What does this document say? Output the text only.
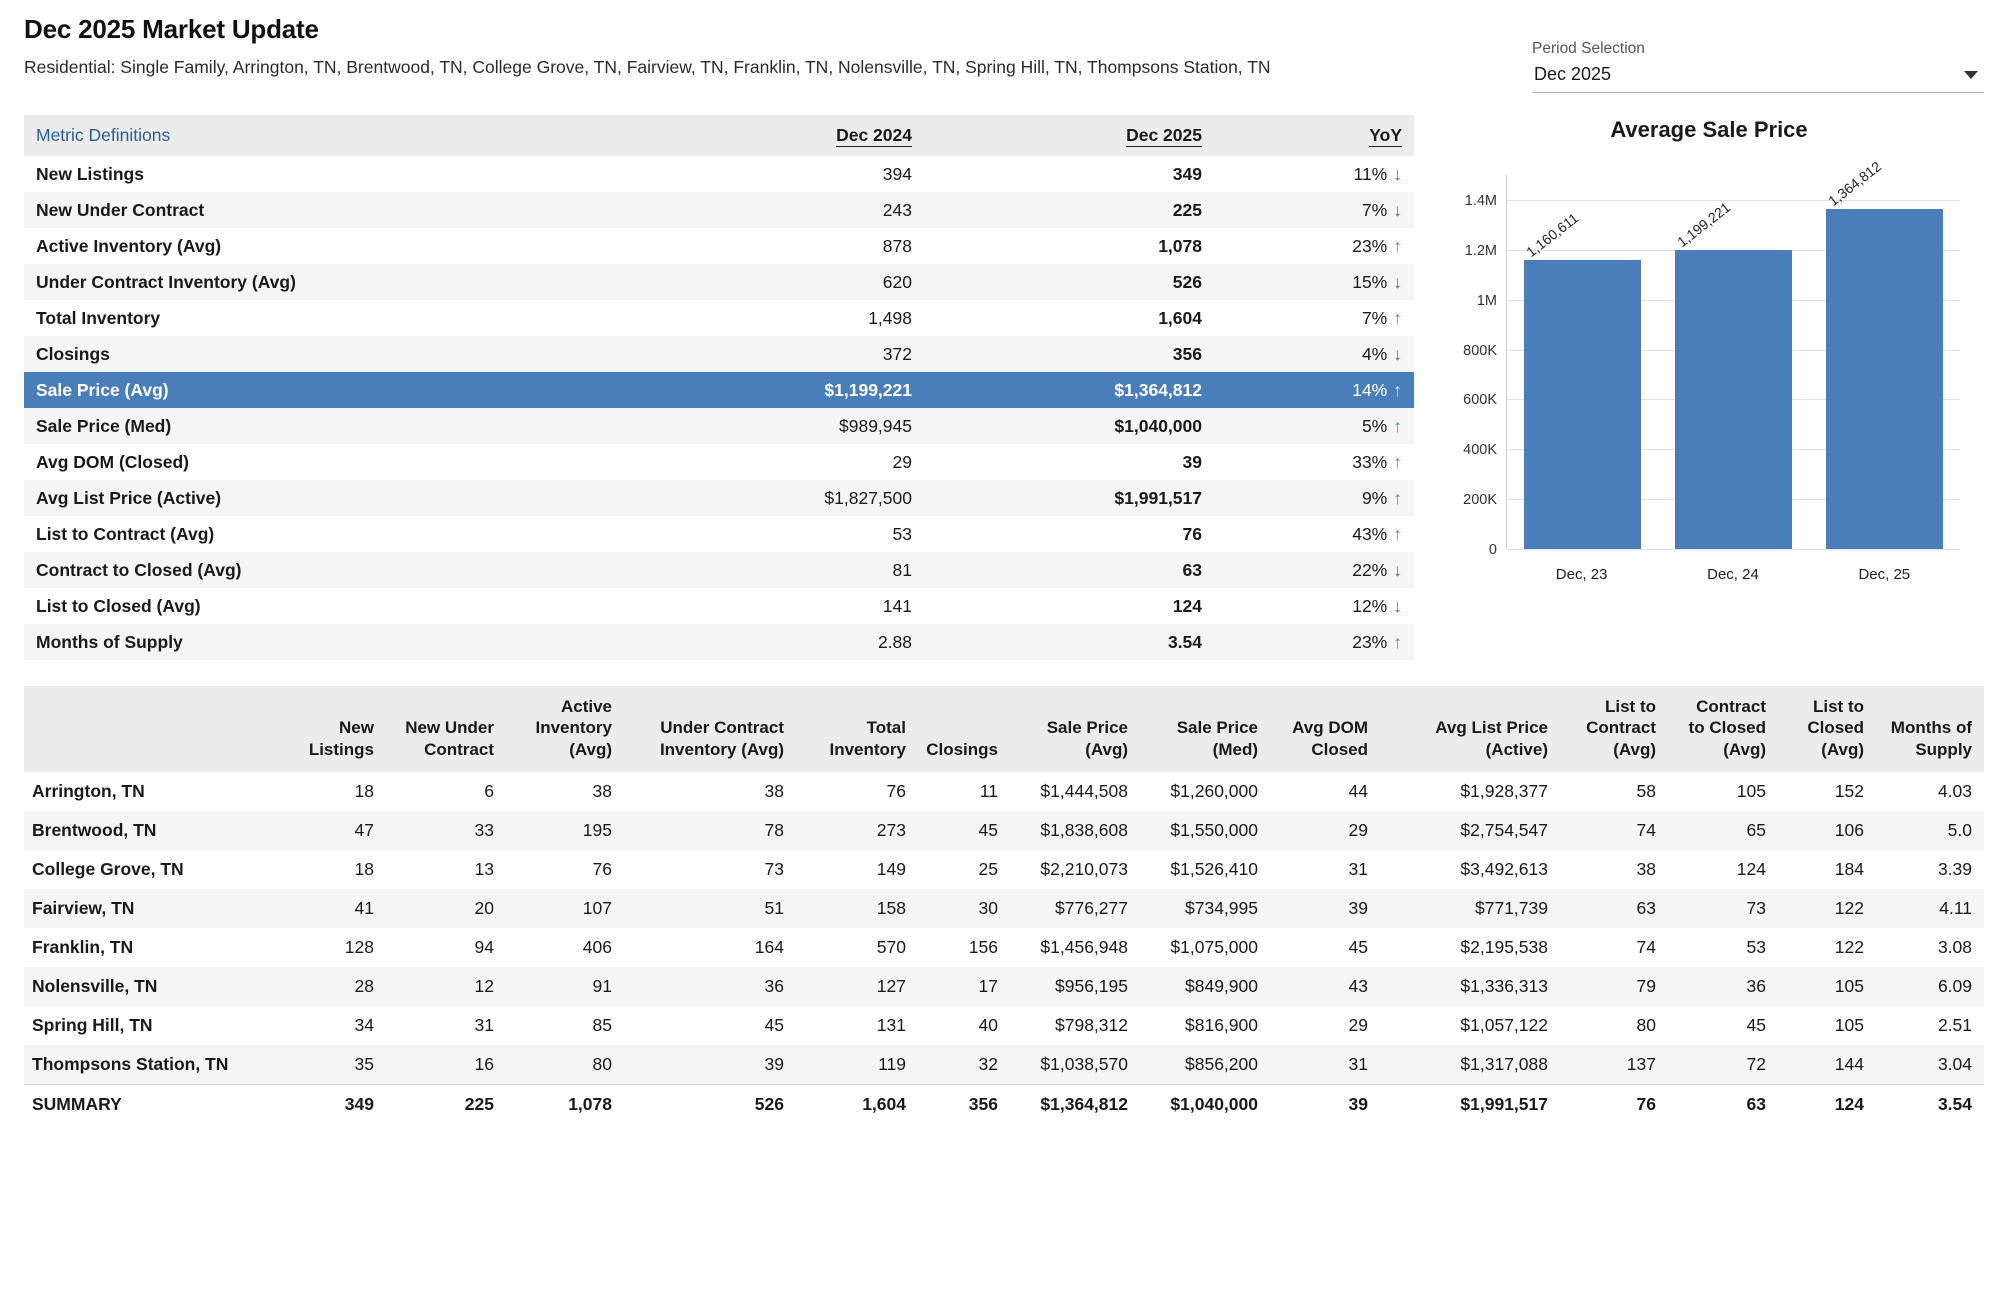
Dec 2025 Market Update
Residential: Single Family, Arrington, TN, Brentwood, TN, College Grove, TN, Fairview, TN, Franklin, TN, Nolensville, TN, Spring Hill, TN, Thompsons Station, TN
Period Selection
Dec 2025
Metric Definitions	Dec 2024	Dec 2025	YoY
New Listings	394	349	11% ↓
New Under Contract	243	225	7% ↓
Active Inventory (Avg)	878	1,078	23% ↑
Under Contract Inventory (Avg)	620	526	15% ↓
Total Inventory	1,498	1,604	7% ↑
Closings	372	356	4% ↓
Sale Price (Avg)	$1,199,221	$1,364,812	14% ↑
Sale Price (Med)	$989,945	$1,040,000	5% ↑
Avg DOM (Closed)	29	39	33% ↑
Avg List Price (Active)	$1,827,500	$1,991,517	9% ↑
List to Contract (Avg)	53	76	43% ↑
Contract to Closed (Avg)	81	63	22% ↓
List to Closed (Avg)	141	124	12% ↓
Months of Supply	2.88	3.54	23% ↑
Average Sale Price
0
200K
400K
600K
800K
1M
1.2M
1.4M
1,160,611	1,199,221
1,364,812
Dec, 23	Dec, 24	Dec, 25
	New Listings	New Under Contract	Active Inventory (Avg)	Under Contract Inventory (Avg)	Total Inventory	Closings	Sale Price (Avg)	Sale Price (Med)	Avg DOM Closed	Avg List Price (Active)	List to Contract (Avg)	Contract to Closed (Avg)	List to Closed (Avg)	Months of Supply
Arrington, TN	18	6	38	38	76	11	$1,444,508	$1,260,000	44	$1,928,377	58	105	152	4.03
Brentwood, TN	47	33	195	78	273	45	$1,838,608	$1,550,000	29	$2,754,547	74	65	106	5.0
College Grove, TN	18	13	76	73	149	25	$2,210,073	$1,526,410	31	$3,492,613	38	124	184	3.39
Fairview, TN	41	20	107	51	158	30	$776,277	$734,995	39	$771,739	63	73	122	4.11
Franklin, TN	128	94	406	164	570	156	$1,456,948	$1,075,000	45	$2,195,538	74	53	122	3.08
Nolensville, TN	28	12	91	36	127	17	$956,195	$849,900	43	$1,336,313	79	36	105	6.09
Spring Hill, TN	34	31	85	45	131	40	$798,312	$816,900	29	$1,057,122	80	45	105	2.51
Thompsons Station, TN	35	16	80	39	119	32	$1,038,570	$856,200	31	$1,317,088	137	72	144	3.04
SUMMARY	349	225	1,078	526	1,604	356	$1,364,812	$1,040,000	39	$1,991,517	76	63	124	3.54
